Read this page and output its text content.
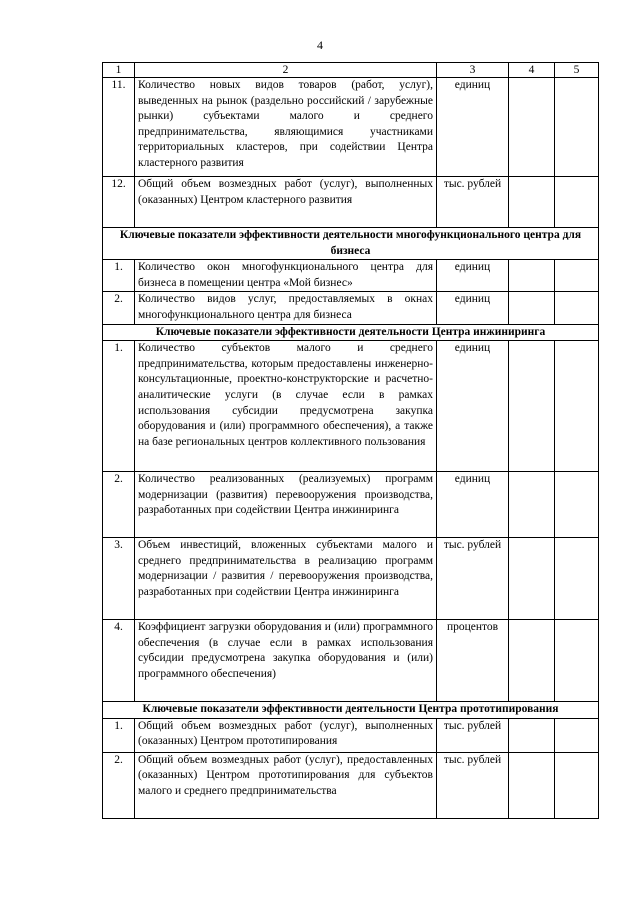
4
1	2	3	4	5
11.	Количество новых видов товаров (работ, услуг), выведенных на рынок (раздельно российский / зарубежные рынки) субъектами малого и среднего предпринимательства, являющимися участниками территориальных кластеров, при содействии Центра кластерного развития	единиц		
12.	Общий объем возмездных работ (услуг), выполненных (оказанных) Центром кластерного развития	тыс. рублей		
Ключевые показатели эффективности деятельности многофункционального центра для бизнеса				
1.	Количество окон многофункционального центра для бизнеса в помещении центра «Мой бизнес»	единиц		
2.	Количество видов услуг, предоставляемых в окнах многофункционального центра для бизнеса	единиц		
Ключевые показатели эффективности деятельности Центра инжиниринга				
1.	Количество субъектов малого и среднего предпринимательства, которым предоставлены инженерно-консультационные, проектно-конструкторские и расчетно-аналитические услуги (в случае если в рамках использования субсидии предусмотрена закупка оборудования и (или) программного обеспечения), а также на базе региональных центров коллективного пользования	единиц		
2.	Количество реализованных (реализуемых) программ модернизации (развития) перевооружения производства, разработанных при содействии Центра инжиниринга	единиц		
3.	Объем инвестиций, вложенных субъектами малого и среднего предпринимательства в реализацию программ модернизации / развития / перевооружения производства, разработанных при содействии Центра инжиниринга	тыс. рублей		
4.	Коэффициент загрузки оборудования и (или) программного обеспечения (в случае если в рамках использования субсидии предусмотрена закупка оборудования и (или) программного обеспечения)	процентов		
Ключевые показатели эффективности деятельности Центра прототипирования				
1.	Общий объем возмездных работ (услуг), выполненных (оказанных) Центром прототипирования	тыс. рублей		
2.	Общий объем возмездных работ (услуг), предоставленных (оказанных) Центром прототипирования для субъектов малого и среднего предпринимательства	тыс. рублей		
